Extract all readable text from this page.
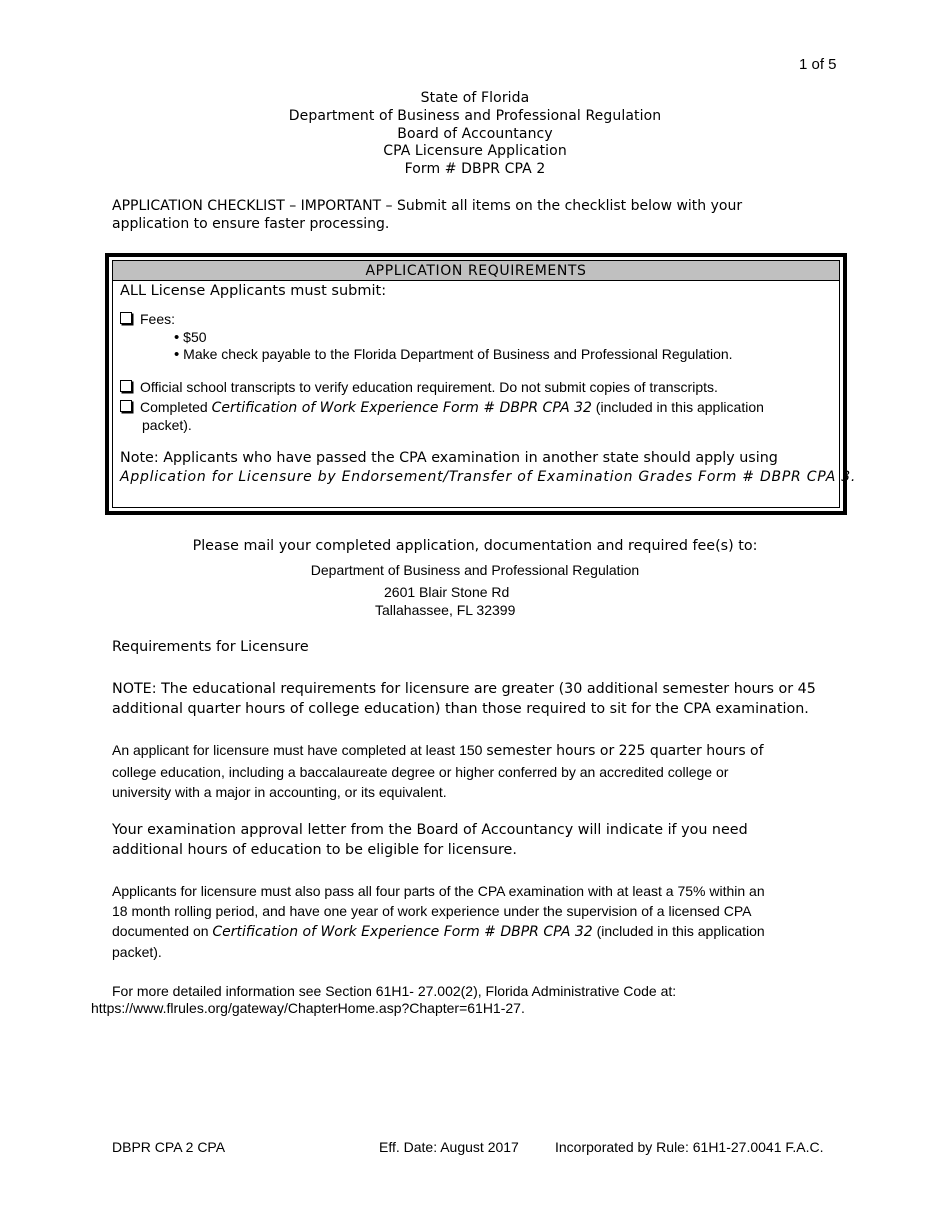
1 of 5
State of Florida
Department of Business and Professional Regulation
Board of Accountancy
CPA Licensure Application
Form # DBPR CPA 2
APPLICATION CHECKLIST – IMPORTANT – Submit all items on the checklist below with your
application to ensure faster processing.
APPLICATION REQUIREMENTS
ALL License Applicants must submit:
Fees:
• $50
• Make check payable to the Florida Department of Business and Professional Regulation.
Official school transcripts to verify education requirement. Do not submit copies of transcripts.
Completed Certification of Work Experience Form # DBPR CPA 32 (included in this application
packet).
Note: Applicants who have passed the CPA examination in another state should apply using
Application for Licensure by Endorsement/Transfer of Examination Grades Form # DBPR CPA 3.
Please mail your completed application, documentation and required fee(s) to:
Department of Business and Professional Regulation
2601 Blair Stone Rd
Tallahassee, FL 32399
Requirements for Licensure
NOTE: The educational requirements for licensure are greater (30 additional semester hours or 45
additional quarter hours of college education) than those required to sit for the CPA examination.
An applicant for licensure must have completed at least 150 semester hours or 225 quarter hours of
college education, including a baccalaureate degree or higher conferred by an accredited college or
university with a major in accounting, or its equivalent.
Your examination approval letter from the Board of Accountancy will indicate if you need
additional hours of education to be eligible for licensure.
Applicants for licensure must also pass all four parts of the CPA examination with at least a 75% within an
18 month rolling period, and have one year of work experience under the supervision of a licensed CPA
documented on Certification of Work Experience Form # DBPR CPA 32 (included in this application
packet).
For more detailed information see Section 61H1- 27.002(2), Florida Administrative Code at:
https://www.flrules.org/gateway/ChapterHome.asp?Chapter=61H1-27.
DBPR CPA 2 CPA	Eff. Date: August 2017	Incorporated by Rule: 61H1-27.0041 F.A.C.
